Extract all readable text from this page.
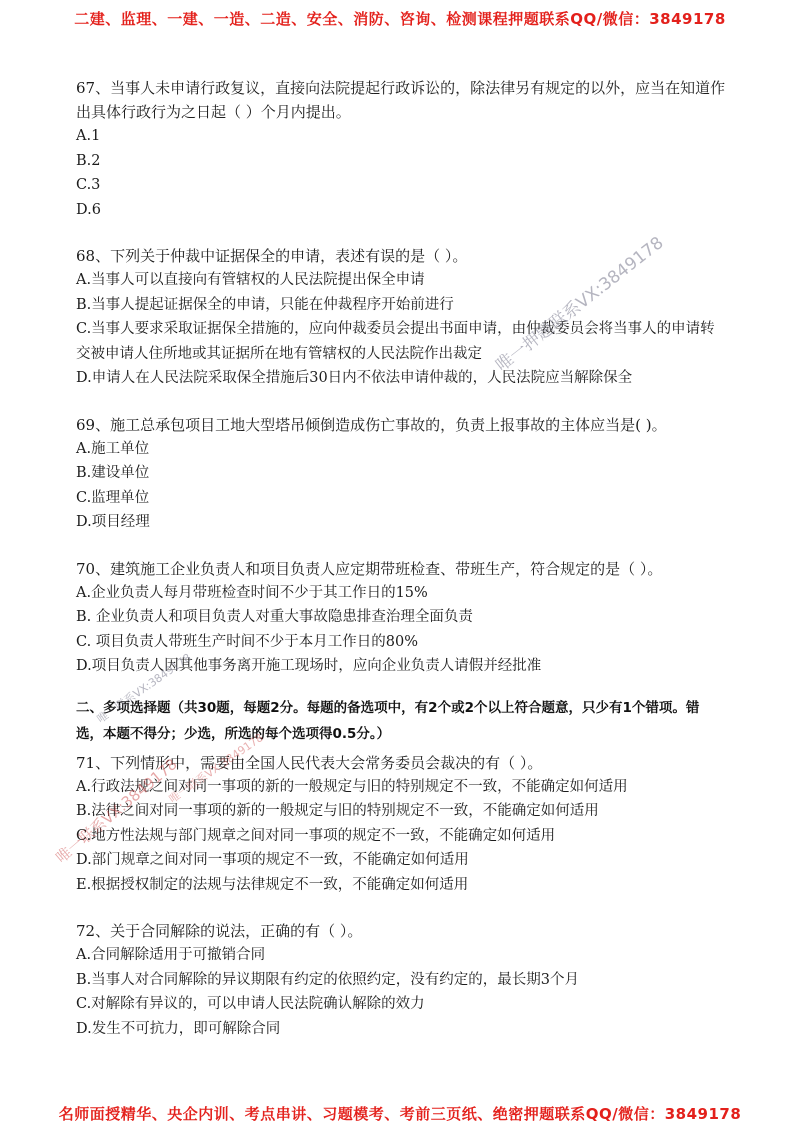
二建、监理、一建、一造、二造、安全、消防、咨询、检测课程押题联系QQ/微信：3849178
67、当事人未申请行政复议，直接向法院提起行政诉讼的，除法律另有规定的以外，应当在知道作出具体行政行为之日起（ ）个月内提出。
A.1
B.2
C.3
D.6
68、下列关于仲裁中证据保全的申请，表述有误的是（ ）。
A.当事人可以直接向有管辖权的人民法院提出保全申请
B.当事人提起证据保全的申请，只能在仲裁程序开始前进行
C.当事人要求采取证据保全措施的，应向仲裁委员会提出书面申请，由仲裁委员会将当事人的申请转交被申请人住所地或其证据所在地有管辖权的人民法院作出裁定
D.申请人在人民法院采取保全措施后30日内不依法申请仲裁的，人民法院应当解除保全
69、施工总承包项目工地大型塔吊倾倒造成伤亡事故的，负责上报事故的主体应当是( )。
A.施工单位
B.建设单位
C.监理单位
D.项目经理
70、建筑施工企业负责人和项目负责人应定期带班检查、带班生产，符合规定的是（ ）。
A.企业负责人每月带班检查时间不少于其工作日的15%
B. 企业负责人和项目负责人对重大事故隐患排查治理全面负责
C. 项目负责人带班生产时间不少于本月工作日的80%
D.项目负责人因其他事务离开施工现场时，应向企业负责人请假并经批准
二、多项选择题（共30题，每题2分。每题的备选项中，有2个或2个以上符合题意，只少有1个错项。错选，本题不得分；少选，所选的每个选项得0.5分。）
71、下列情形中，需要由全国人民代表大会常务委员会裁决的有（ ）。
A.行政法规之间对同一事项的新的一般规定与旧的特别规定不一致，不能确定如何适用
B.法律之间对同一事项的新的一般规定与旧的特别规定不一致，不能确定如何适用
C.地方性法规与部门规章之间对同一事项的规定不一致，不能确定如何适用
D.部门规章之间对同一事项的规定不一致，不能确定如何适用
E.根据授权制定的法规与法律规定不一致，不能确定如何适用
72、关于合同解除的说法，正确的有（ ）。
A.合同解除适用于可撤销合同
B.当事人对合同解除的异议期限有约定的依照约定，没有约定的，最长期3个月
C.对解除有异议的，可以申请人民法院确认解除的效力
D.发生不可抗力，即可解除合同
唯一押题联系VX:3849178
唯一联系VX:3849178
唯一联系VX:3849178
唯一联系VX:3849178
名师面授精华、央企内训、考点串讲、习题模考、考前三页纸、绝密押题联系QQ/微信：3849178
